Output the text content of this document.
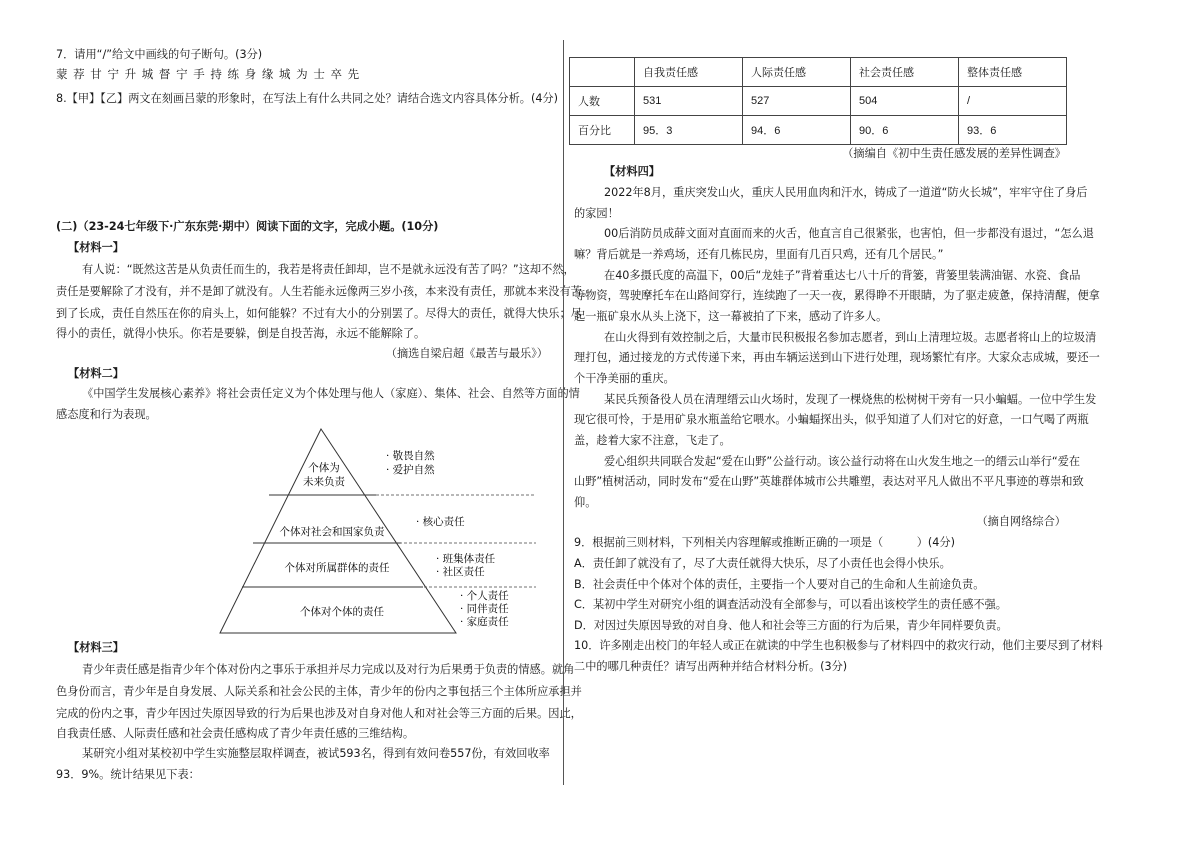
7．请用“/”给文中画线的句子断句。(3分)
蒙 荐 甘 宁 升 城 督 宁 手 持 练 身 缘 城 为 士 卒 先
8.【甲】【乙】两文在刻画吕蒙的形象时，在写法上有什么共同之处？请结合选文内容具体分析。(4分)
(二)（23-24七年级下·广东东莞·期中）阅读下面的文字，完成小题。(10分)
【材料一】
有人说：“既然这苦是从负责任而生的，我若是将责任卸却，岂不是就永远没有苦了吗？”这却不然，
责任是要解除了才没有，并不是卸了就没有。人生若能永远像两三岁小孩，本来没有责任，那就本来没有苦。
到了长成，责任自然压在你的肩头上，如何能躲？不过有大小的分别罢了。尽得大的责任，就得大快乐；尽
得小的责任，就得小快乐。你若是要躲，倒是自投苦海，永远不能解除了。
（摘选自梁启超《最苦与最乐》）
【材料二】
《中国学生发展核心素养》将社会责任定义为个体处理与他人（家庭）、集体、社会、自然等方面的情
感态度和行为表现。
个体为
未来负责
个体对社会和国家负责
个体对所属群体的责任
个体对个体的责任
· 敬畏自然
· 爱护自然
· 核心责任
· 班集体责任
· 社区责任
· 个人责任
· 同伴责任
· 家庭责任
【材料三】
青少年责任感是指青少年个体对份内之事乐于承担并尽力完成以及对行为后果勇于负责的情感。就角
色身份而言，青少年是自身发展、人际关系和社会公民的主体，青少年的份内之事包括三个主体所应承担并
完成的份内之事，青少年因过失原因导致的行为后果也涉及对自身对他人和对社会等三方面的后果。因此，
自我责任感、人际责任感和社会责任感构成了青少年责任感的三维结构。
某研究小组对某校初中学生实施整层取样调查，被试593名，得到有效问卷557份，有效回收率
93．9%。统计结果见下表：
	自我责任感	人际责任感	社会责任感	整体责任感
人数	531	527	504	/
百分比	95．3	94．6	90．6	93．6
（摘编自《初中生责任感发展的差异性调查》
【材料四】
2022年8月，重庆突发山火，重庆人民用血肉和汗水，铸成了一道道“防火长城”，牢牢守住了身后
的家园！
00后消防员成薛文面对直面而来的火舌，他直言自己很紧张，也害怕，但一步都没有退过，“怎么退
嘛？背后就是一养鸡场，还有几栋民房，里面有几百只鸡，还有几个居民。”
在40多摄氏度的高温下，00后“龙娃子”背着重达七八十斤的背篓，背篓里装满油锯、水瓷、食品
等物资，驾驶摩托车在山路间穿行，连续跑了一天一夜，累得睁不开眼睛，为了驱走疲惫，保持清醒，便拿
起一瓶矿泉水从头上浇下，这一幕被拍了下来，感动了许多人。
在山火得到有效控制之后，大量市民积极报名参加志愿者，到山上清理垃圾。志愿者将山上的垃圾清
理打包，通过接龙的方式传递下来，再由车辆运送到山下进行处理，现场繁忙有序。大家众志成城，要还一
个干净美丽的重庆。
某民兵预备役人员在清理缙云山火场时，发现了一棵烧焦的松树树干旁有一只小蝙蝠。一位中学生发
现它很可怜，于是用矿泉水瓶盖给它喂水。小蝙蝠探出头，似乎知道了人们对它的好意，一口气喝了两瓶
盖，趁着大家不注意，飞走了。
爱心组织共同联合发起“爱在山野”公益行动。该公益行动将在山火发生地之一的缙云山举行“爱在
山野”植树活动，同时发布“爱在山野”英雄群体城市公共雕塑，表达对平凡人做出不平凡事迹的尊崇和致
仰。
（摘自网络综合）
9．根据前三则材料，下列相关内容理解或推断正确的一项是（　　　）(4分)
A．责任卸了就没有了，尽了大责任就得大快乐，尽了小责任也会得小快乐。
B．社会责任中个体对个体的责任，主要指一个人要对自己的生命和人生前途负责。
C．某初中学生对研究小组的调查活动没有全部参与，可以看出该校学生的责任感不强。
D．对因过失原因导致的对自身、他人和社会等三方面的行为后果，青少年同样要负责。
10．许多刚走出校门的年轻人或正在就读的中学生也积极参与了材料四中的救灾行动，他们主要尽到了材料
二中的哪几种责任？请写出两种并结合材料分析。(3分)
